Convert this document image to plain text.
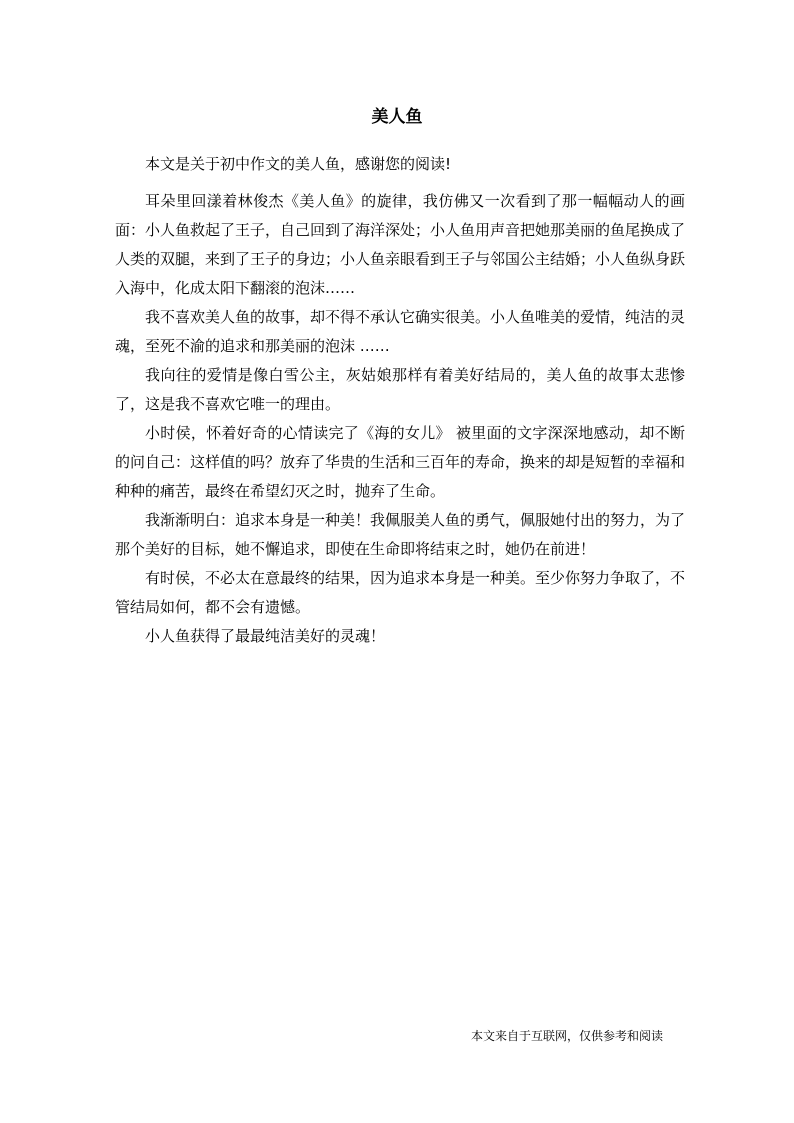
美人鱼

本文是关于初中作文的美人鱼，感谢您的阅读!

耳朵里回漾着林俊杰《美人鱼》的旋律，我仿佛又一次看到了那一幅幅动人的画面：小人鱼救起了王子，自己回到了海洋深处；小人鱼用声音把她那美丽的鱼尾换成了人类的双腿，来到了王子的身边；小人鱼亲眼看到王子与邻国公主结婚；小人鱼纵身跃入海中，化成太阳下翻滚的泡沫……

我不喜欢美人鱼的故事，却不得不承认它确实很美。小人鱼唯美的爱情，纯洁的灵魂，至死不渝的追求和那美丽的泡沫 ……

我向往的爱情是像白雪公主，灰姑娘那样有着美好结局的，美人鱼的故事太悲惨了，这是我不喜欢它唯一的理由。

小时侯，怀着好奇的心情读完了《海的女儿》 被里面的文字深深地感动，却不断的问自己：这样值的吗？放弃了华贵的生活和三百年的寿命，换来的却是短暂的幸福和种种的痛苦，最终在希望幻灭之时，抛弃了生命。

我渐渐明白：追求本身是一种美！我佩服美人鱼的勇气，佩服她付出的努力，为了那个美好的目标，她不懈追求，即使在生命即将结束之时，她仍在前进！

有时侯，不必太在意最终的结果，因为追求本身是一种美。至少你努力争取了，不管结局如何，都不会有遗憾。

小人鱼获得了最最纯洁美好的灵魂！

本文来自于互联网，仅供参考和阅读
